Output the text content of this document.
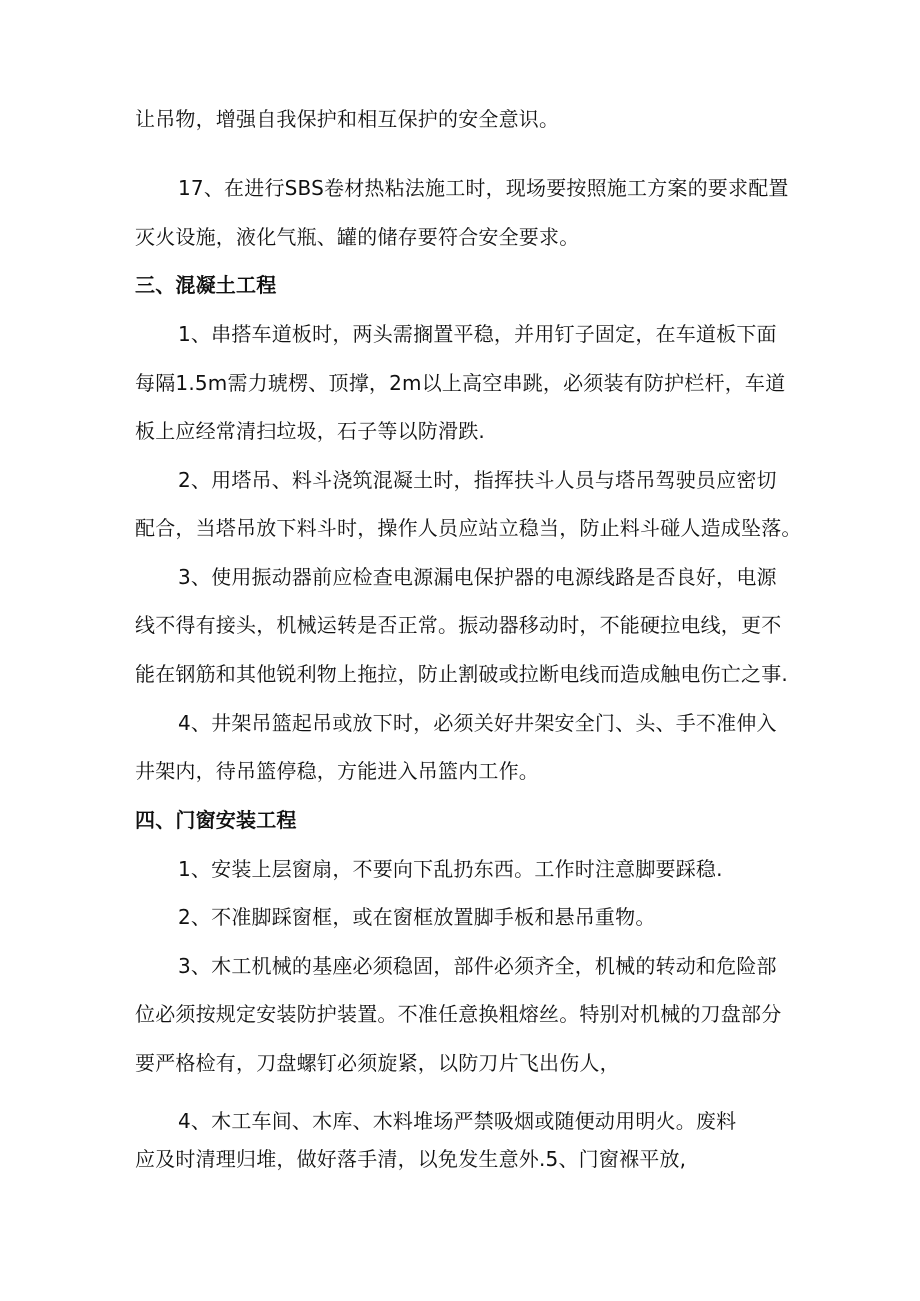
让吊物，增强自我保护和相互保护的安全意识。
17、在进行SBS卷材热粘法施工时，现场要按照施工方案的要求配置
灭火设施，液化气瓶、罐的储存要符合安全要求。
三、混凝土工程
1、串搭车道板时，两头需搁置平稳，并用钉子固定，在车道板下面
每隔1.5m需力琥楞、顶撑，2m以上高空串跳，必须装有防护栏杆，车道
板上应经常清扫垃圾，石子等以防滑跌.
2、用塔吊、料斗浇筑混凝土时，指挥扶斗人员与塔吊驾驶员应密切
配合，当塔吊放下料斗时，操作人员应站立稳当，防止料斗碰人造成坠落。
3、使用振动器前应检查电源漏电保护器的电源线路是否良好，电源
线不得有接头，机械运转是否正常。振动器移动时，不能硬拉电线，更不
能在钢筋和其他锐利物上拖拉，防止割破或拉断电线而造成触电伤亡之事.
4、井架吊篮起吊或放下时，必须关好井架安全门、头、手不准伸入
井架内，待吊篮停稳，方能进入吊篮内工作。
四、门窗安装工程
1、安装上层窗扇，不要向下乱扔东西。工作时注意脚要踩稳.
2、不准脚踩窗框，或在窗框放置脚手板和悬吊重物。
3、木工机械的基座必须稳固，部件必须齐全，机械的转动和危险部
位必须按规定安装防护装置。不准任意换粗熔丝。特别对机械的刀盘部分
要严格检有，刀盘螺钉必须旋紧，以防刀片飞出伤人，
4、木工车间、木库、木料堆场严禁吸烟或随便动用明火。废料
应及时清理归堆，做好落手清，以免发生意外.5、门窗褓平放,
